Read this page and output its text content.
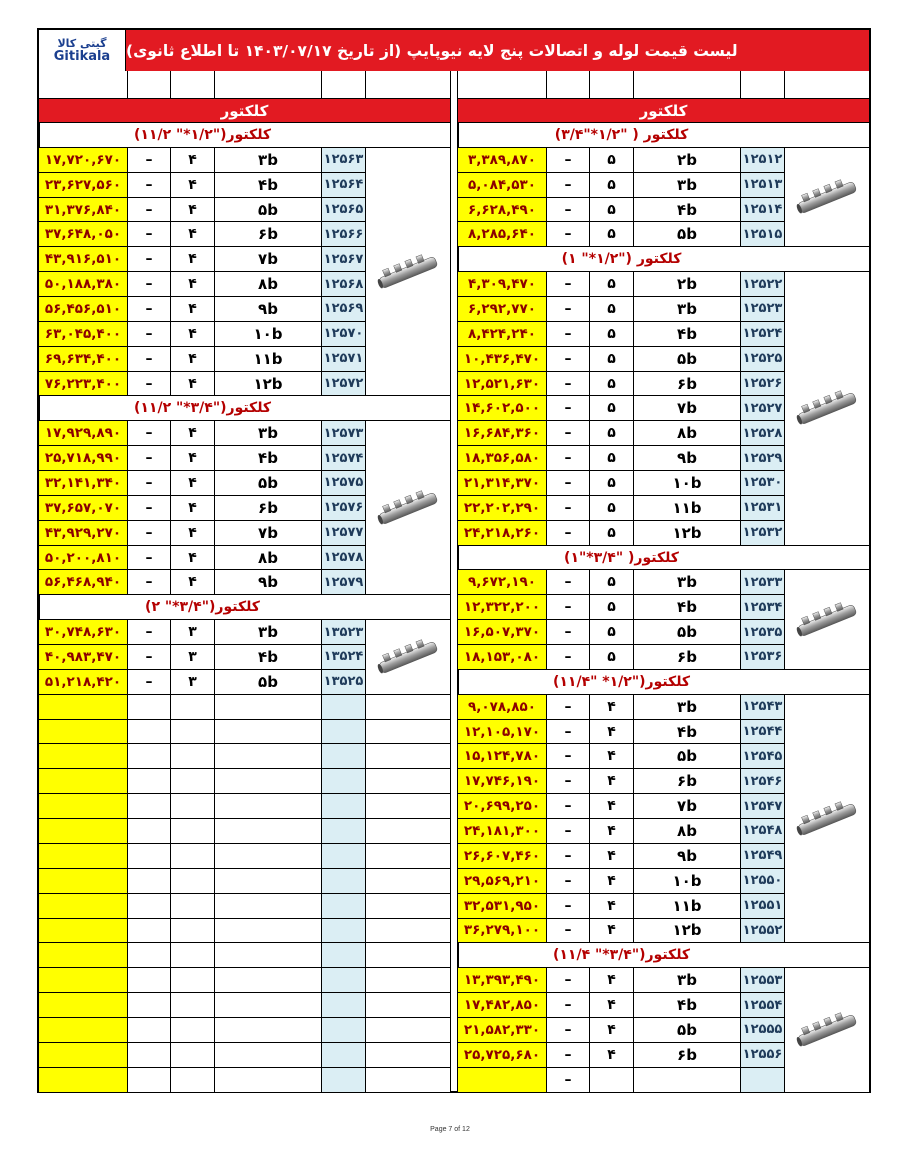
گیتی کالا
Gitikala لیست قیمت لوله و اتصالات پنج لایه نیوپایپ (از تاریخ ۱۴۰۳/۰۷/۱۷ تا اطلاع ثانوی)
کلکتور
کلکتور("۱/۲*" ۱۱/۲)
۱۲۵۶۳
۳b
۴
–
۱۷,۷۲۰,۶۷۰
۱۲۵۶۴
۴b
۴
–
۲۳,۶۲۷,۵۶۰
۱۲۵۶۵
۵b
۴
–
۳۱,۳۷۶,۸۴۰
۱۲۵۶۶
۶b
۴
–
۳۷,۶۴۸,۰۵۰
۱۲۵۶۷
۷b
۴
–
۴۳,۹۱۶,۵۱۰
۱۲۵۶۸
۸b
۴
–
۵۰,۱۸۸,۳۸۰
۱۲۵۶۹
۹b
۴
–
۵۶,۴۵۶,۵۱۰
۱۲۵۷۰
۱۰b
۴
–
۶۳,۰۴۵,۴۰۰
۱۲۵۷۱
۱۱b
۴
–
۶۹,۶۳۴,۴۰۰
۱۲۵۷۲
۱۲b
۴
–
۷۶,۲۲۳,۴۰۰
کلکتور("۳/۴*" ۱۱/۲)
۱۲۵۷۳
۳b
۴
–
۱۷,۹۲۹,۸۹۰
۱۲۵۷۴
۴b
۴
–
۲۵,۷۱۸,۹۹۰
۱۲۵۷۵
۵b
۴
–
۳۲,۱۴۱,۳۴۰
۱۲۵۷۶
۶b
۴
–
۳۷,۶۵۷,۰۷۰
۱۲۵۷۷
۷b
۴
–
۴۳,۹۲۹,۲۷۰
۱۲۵۷۸
۸b
۴
–
۵۰,۲۰۰,۸۱۰
۱۲۵۷۹
۹b
۴
–
۵۶,۴۶۸,۹۴۰
کلکتور("۳/۴*" ۲)
۱۳۵۲۳
۳b
۳
–
۳۰,۷۴۸,۶۳۰
۱۳۵۲۴
۴b
۳
–
۴۰,۹۸۳,۴۷۰
۱۳۵۲۵
۵b
۳
–
۵۱,۲۱۸,۴۲۰
کلکتور
کلکتور ( "۱/۲*"۳/۴)
۱۲۵۱۲
۲b
۵
–
۳,۳۸۹,۸۷۰
۱۲۵۱۳
۳b
۵
–
۵,۰۸۴,۵۳۰
۱۲۵۱۴
۴b
۵
–
۶,۶۲۸,۴۹۰
۱۲۵۱۵
۵b
۵
–
۸,۲۸۵,۶۴۰
کلکتور ("۱/۲*" ۱)
۱۲۵۲۲
۲b
۵
–
۴,۳۰۹,۴۷۰
۱۲۵۲۳
۳b
۵
–
۶,۲۹۲,۷۷۰
۱۲۵۲۴
۴b
۵
–
۸,۴۲۴,۲۴۰
۱۲۵۲۵
۵b
۵
–
۱۰,۴۳۶,۴۷۰
۱۲۵۲۶
۶b
۵
–
۱۲,۵۲۱,۶۳۰
۱۲۵۲۷
۷b
۵
–
۱۴,۶۰۲,۵۰۰
۱۲۵۲۸
۸b
۵
–
۱۶,۶۸۴,۳۶۰
۱۲۵۲۹
۹b
۵
–
۱۸,۳۵۶,۵۸۰
۱۲۵۳۰
۱۰b
۵
–
۲۱,۳۱۴,۳۷۰
۱۲۵۳۱
۱۱b
۵
–
۲۲,۲۰۲,۲۹۰
۱۲۵۳۲
۱۲b
۵
–
۲۴,۲۱۸,۲۶۰
کلکتور( "۳/۴*"۱)
۱۲۵۳۳
۳b
۵
–
۹,۶۷۲,۱۹۰
۱۲۵۳۴
۴b
۵
–
۱۲,۳۲۲,۲۰۰
۱۲۵۳۵
۵b
۵
–
۱۶,۵۰۷,۳۷۰
۱۲۵۳۶
۶b
۵
–
۱۸,۱۵۳,۰۸۰
کلکتور("۱/۲* "۱۱/۴)
۱۲۵۴۳
۳b
۴
–
۹,۰۷۸,۸۵۰
۱۲۵۴۴
۴b
۴
–
۱۲,۱۰۵,۱۷۰
۱۲۵۴۵
۵b
۴
–
۱۵,۱۲۴,۷۸۰
۱۲۵۴۶
۶b
۴
–
۱۷,۷۴۶,۱۹۰
۱۲۵۴۷
۷b
۴
–
۲۰,۶۹۹,۲۵۰
۱۲۵۴۸
۸b
۴
–
۲۴,۱۸۱,۳۰۰
۱۲۵۴۹
۹b
۴
–
۲۶,۶۰۷,۴۶۰
۱۲۵۵۰
۱۰b
۴
–
۲۹,۵۶۹,۲۱۰
۱۲۵۵۱
۱۱b
۴
–
۳۲,۵۳۱,۹۵۰
۱۲۵۵۲
۱۲b
۴
–
۳۶,۲۷۹,۱۰۰
کلکتور("۳/۴*" ۱۱/۴)
۱۲۵۵۳
۳b
۴
–
۱۳,۳۹۳,۴۹۰
۱۲۵۵۴
۴b
۴
–
۱۷,۴۸۲,۸۵۰
۱۲۵۵۵
۵b
۴
–
۲۱,۵۸۲,۳۳۰
۱۲۵۵۶
۶b
۴
–
۲۵,۷۲۵,۶۸۰
–
Page 7 of 12
